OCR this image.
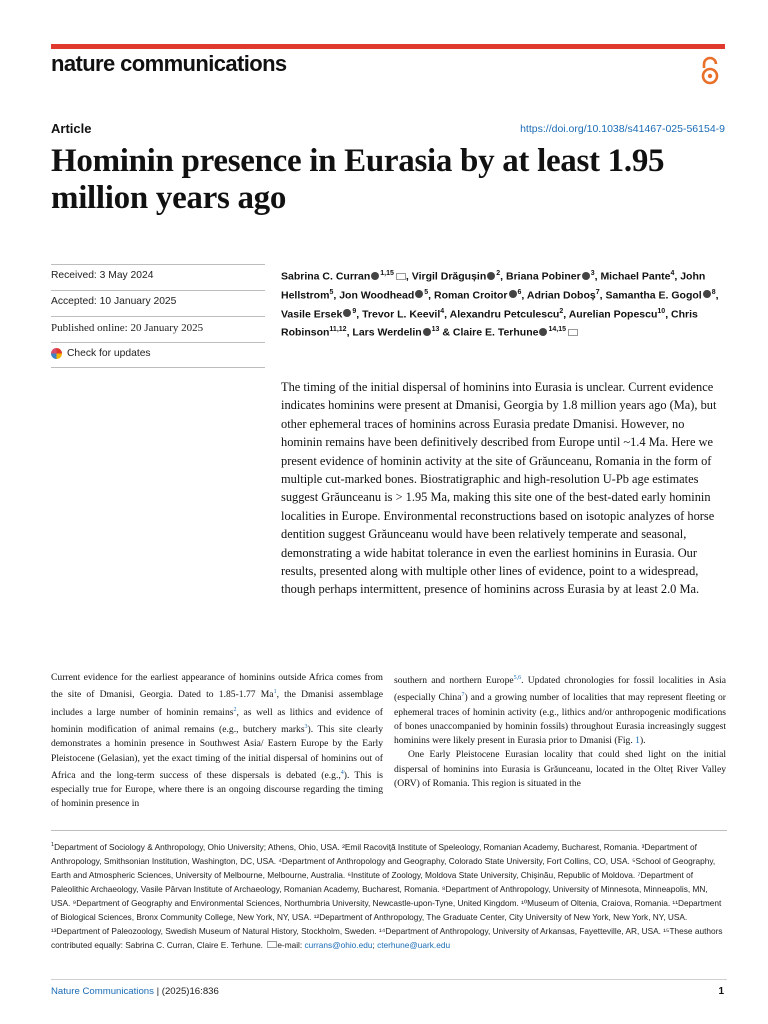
nature communications
Article	https://doi.org/10.1038/s41467-025-56154-9
Hominin presence in Eurasia by at least 1.95 million years ago
Received: 3 May 2024
Accepted: 10 January 2025
Published online: 20 January 2025
Check for updates
Sabrina C. Curran $^{1,15}$ , Virgil Drăgușin $^2$, Briana Pobiner $^3$, Michael Pante$^4$, John Hellstrom$^5$, Jon Woodhead $^5$, Roman Croitor $^6$, Adrian Doboș$^7$, Samantha E. Gogol $^8$, Vasile Ersek $^9$, Trevor L. Keevil$^4$, Alexandru Petculescu$^2$, Aurelian Popescu$^{10}$, Chris Robinson$^{11,12}$, Lars Werdelin $^{13}$ & Claire E. Terhune $^{14,15}$

The timing of the initial dispersal of hominins into Eurasia is unclear. Current evidence indicates hominins were present at Dmanisi, Georgia by 1.8 million years ago (Ma), but other ephemeral traces of hominins across Eurasia predate Dmanisi. However, no hominin remains have been definitively described from Europe until ~1.4 Ma. Here we present evidence of hominin activity at the site of Grăunceanu, Romania in the form of multiple cut-marked bones. Biostratigraphic and high-resolution U-Pb age estimates suggest Grăunceanu is > 1.95 Ma, making this site one of the best-dated early hominin localities in Europe. Environmental reconstructions based on isotopic analyzes of horse dentition suggest Grăunceanu would have been relatively temperate and seasonal, demonstrating a wide habitat tolerance in even the earliest hominins in Eurasia. Our results, presented along with multiple other lines of evidence, point to a widespread, though perhaps intermittent, presence of hominins across Eurasia by at least 2.0 Ma.

Current evidence for the earliest appearance of hominins outside Africa comes from the site of Dmanisi, Georgia. Dated to 1.85-1.77 Ma$^1$, the Dmanisi assemblage includes a large number of hominin remains$^2$, as well as lithics and evidence of hominin modification of animal remains (e.g., butchery marks$^3$). This site clearly demonstrates a hominin presence in Southwest Asia/ Eastern Europe by the Early Pleistocene (Gelasian), yet the exact timing of the initial dispersal of hominins out of Africa and the long-term success of these dispersals is debated (e.g.,$^4$). This is especially true for Europe, where there is an ongoing discourse regarding the timing of hominin presence in

southern and northern Europe$^{5,6}$. Updated chronologies for fossil localities in Asia (especially China$^7$) and a growing number of localities that may represent fleeting or ephemeral traces of hominin activity (e.g., lithics and/or anthropogenic modifications of bones unaccompanied by hominin fossils) throughout Eurasia increasingly suggest hominins were likely present in Eurasia prior to Dmanisi (Fig. 1).

One Early Pleistocene Eurasian locality that could shed light on the initial dispersal of hominins into Eurasia is Grăunceanu, located in the Olteț River Valley (ORV) of Romania. This region is situated in the

$^1$Department of Sociology & Anthropology, Ohio University; Athens, Ohio, USA. ²Emil Racoviță Institute of Speleology, Romanian Academy, Bucharest, Romania. ³Department of Anthropology, Smithsonian Institution, Washington, DC, USA. ⁴Department of Anthropology and Geography, Colorado State University, Fort Collins, CO, USA. ⁵School of Geography, Earth and Atmospheric Sciences, University of Melbourne, Melbourne, Australia. ⁶Institute of Zoology, Moldova State University, Chișinău, Republic of Moldova. ⁷Department of Paleolithic Archaeology, Vasile Pârvan Institute of Archaeology, Romanian Academy, Bucharest, Romania. ⁸Department of Anthropology, University of Minnesota, Minneapolis, MN, USA. ⁹Department of Geography and Environmental Sciences, Northumbria University, Newcastle-upon-Tyne, United Kingdom. ¹⁰Museum of Oltenia, Craiova, Romania. ¹¹Department of Biological Sciences, Bronx Community College, New York, NY, USA. ¹²Department of Anthropology, The Graduate Center, City University of New York, New York, NY, USA. ¹³Department of Paleozoology, Swedish Museum of Natural History, Stockholm, Sweden. ¹⁴Department of Anthropology, University of Arkansas, Fayetteville, AR, USA. ¹⁵These authors contributed equally: Sabrina C. Curran, Claire E. Terhune. e-mail: currans@ohio.edu; cterhune@uark.edu
Nature Communications | (2025)16:836	1
